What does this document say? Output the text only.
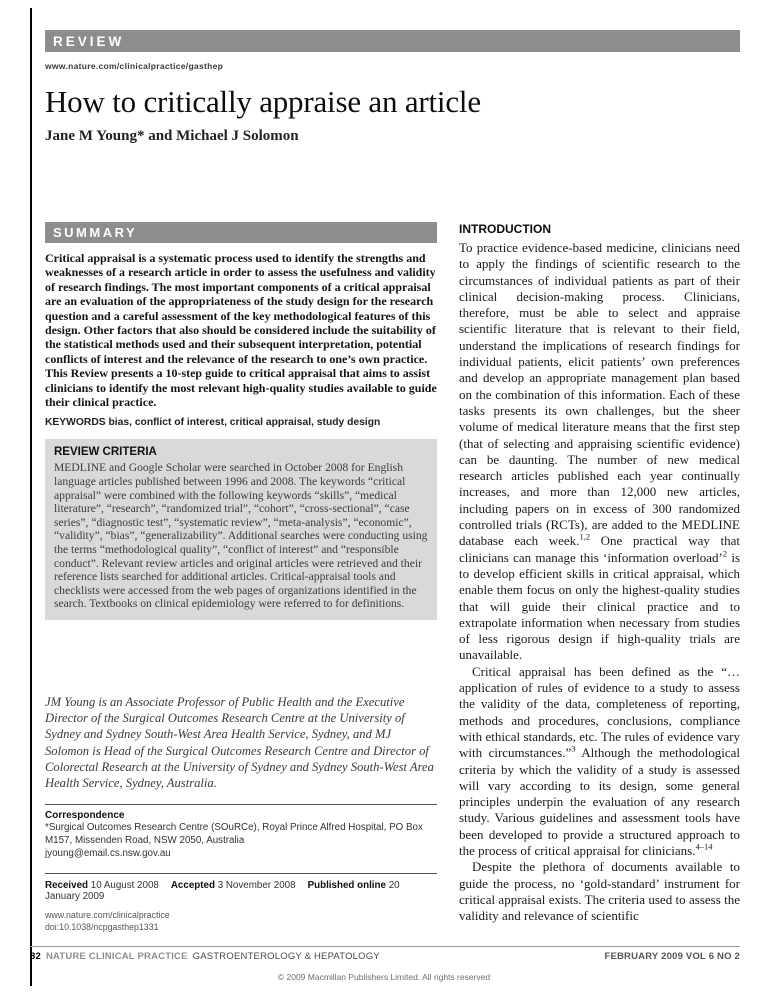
REVIEW
www.nature.com/clinicalpractice/gasthep
How to critically appraise an article
Jane M Young* and Michael J Solomon
SUMMARY

Critical appraisal is a systematic process used to identify the strengths and weaknesses of a research article in order to assess the usefulness and validity of research findings. The most important components of a critical appraisal are an evaluation of the appropriateness of the study design for the research question and a careful assessment of the key methodological features of this design. Other factors that also should be considered include the suitability of the statistical methods used and their subsequent interpretation, potential conflicts of interest and the relevance of the research to one’s own practice. This Review presents a 10-step guide to critical appraisal that aims to assist clinicians to identify the most relevant high-quality studies available to guide their clinical practice.

KEYWORDS bias, conflict of interest, critical appraisal, study design
REVIEW CRITERIA

MEDLINE and Google Scholar were searched in October 2008 for English language articles published between 1996 and 2008. The keywords “critical appraisal” were combined with the following keywords “skills”, “medical literature”, “research”, “randomized trial”, “cohort”, “cross-sectional”, “case series”, “diagnostic test”, “systematic review”, “meta-analysis”, “economic”, “validity”, “bias”, “generalizability”. Additional searches were conducting using the terms “methodological quality”, “conflict of interest” and “responsible conduct”. Relevant review articles and original articles were retrieved and their reference lists searched for additional articles. Critical-appraisal tools and checklists were accessed from the web pages of organizations identified in the search. Textbooks on clinical epidemiology were referred to for definitions.

JM Young is an Associate Professor of Public Health and the Executive Director of the Surgical Outcomes Research Centre at the University of Sydney and Sydney South-West Area Health Service, Sydney, and MJ Solomon is Head of the Surgical Outcomes Research Centre and Director of Colorectal Research at the University of Sydney and Sydney South-West Area Health Service, Sydney, Australia.
Correspondence
*Surgical Outcomes Research Centre (SOuRCe), Royal Prince Alfred Hospital, PO Box M157, Missenden Road, NSW 2050, Australia
jyoung@email.cs.nsw.gov.au
Received 10 August 2008 Accepted 3 November 2008 Published online 20 January 2009
www.nature.com/clinicalpractice
doi:10.1038/ncpgasthep1331
INTRODUCTION

To practice evidence-based medicine, clinicians need to apply the findings of scientific research to the circumstances of individual patients as part of their clinical decision-making process. Clinicians, therefore, must be able to select and appraise scientific literature that is relevant to their field, understand the implications of research findings for individual patients, elicit patients’ own preferences and develop an appropriate management plan based on the combination of this information. Each of these tasks presents its own challenges, but the sheer volume of medical literature means that the first step (that of selecting and appraising scientific evidence) can be daunting. The number of new medical research articles published each year continually increases, and more than 12,000 new articles, including papers on in excess of 300 randomized controlled trials (RCTs), are added to the MEDLINE database each week.$^{1,2}$ One practical way that clinicians can manage this ‘information overload’$^2$ is to develop efficient skills in critical appraisal, which enable them focus on only the highest-quality studies that will guide their clinical practice and to extrapolate information when necessary from studies of less rigorous design if high-quality trials are unavailable.

Critical appraisal has been defined as the “…application of rules of evidence to a study to assess the validity of the data, completeness of reporting, methods and procedures, conclusions, compliance with ethical standards, etc. The rules of evidence vary with circumstances.”$^3$ Although the methodological criteria by which the validity of a study is assessed will vary according to its design, some general principles underpin the evaluation of any research study. Various guidelines and assessment tools have been developed to provide a structured approach to the process of critical appraisal for clinicians.$^{4-14}$

Despite the plethora of documents available to guide the process, no ‘gold-standard’ instrument for critical appraisal exists. The criteria used to assess the validity and relevance of scientific

82 NATURE CLINICAL PRACTICE GASTROENTEROLOGY & HEPATOLOGY	FEBRUARY 2009 VOL 6 NO 2
© 2009 Macmillan Publishers Limited. All rights reserved
